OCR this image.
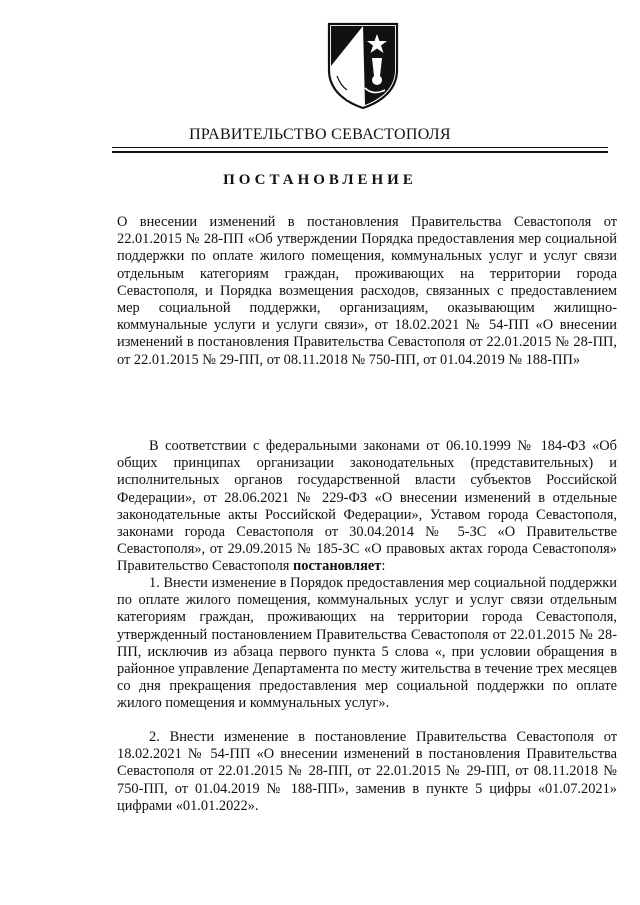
ПРАВИТЕЛЬСТВО СЕВАСТОПОЛЯ
ПОСТАНОВЛЕНИЕ

О внесении изменений в постановления Правительства Севастополя от 22.01.2015 № 28-ПП «Об утверждении Порядка предоставления мер социальной поддержки по оплате жилого помещения, коммунальных услуг и услуг связи отдельным категориям граждан, проживающих на территории города Севастополя, и Порядка возмещения расходов, связанных с предоставлением мер социальной поддержки, организациям, оказывающим жилищно-коммунальные услуги и услуги связи», от 18.02.2021 № 54-ПП «О внесении изменений в постановления Правительства Севастополя от 22.01.2015 № 28-ПП, от 22.01.2015 № 29-ПП, от 08.11.2018 № 750-ПП, от 01.04.2019 № 188-ПП»

В соответствии с федеральными законами от 06.10.1999 № 184-ФЗ «Об общих принципах организации законодательных (представительных) и исполнительных органов государственной власти субъектов Российской Федерации», от 28.06.2021 № 229-ФЗ «О внесении изменений в отдельные законодательные акты Российской Федерации», Уставом города Севастополя, законами города Севастополя от 30.04.2014 № 5-ЗС «О Правительстве Севастополя», от 29.09.2015 № 185-ЗС «О правовых актах города Севастополя» Правительство Севастополя постановляет:

1. Внести изменение в Порядок предоставления мер социальной поддержки по оплате жилого помещения, коммунальных услуг и услуг связи отдельным категориям граждан, проживающих на территории города Севастополя, утвержденный постановлением Правительства Севастополя от 22.01.2015 № 28-ПП, исключив из абзаца первого пункта 5 слова «, при условии обращения в районное управление Департамента по месту жительства в течение трех месяцев со дня прекращения предоставления мер социальной поддержки по оплате жилого помещения и коммунальных услуг».

2. Внести изменение в постановление Правительства Севастополя от 18.02.2021 № 54-ПП «О внесении изменений в постановления Правительства Севастополя от 22.01.2015 № 28-ПП, от 22.01.2015 № 29-ПП, от 08.11.2018 № 750-ПП, от 01.04.2019 № 188-ПП», заменив в пункте 5 цифры «01.07.2021» цифрами «01.01.2022».
